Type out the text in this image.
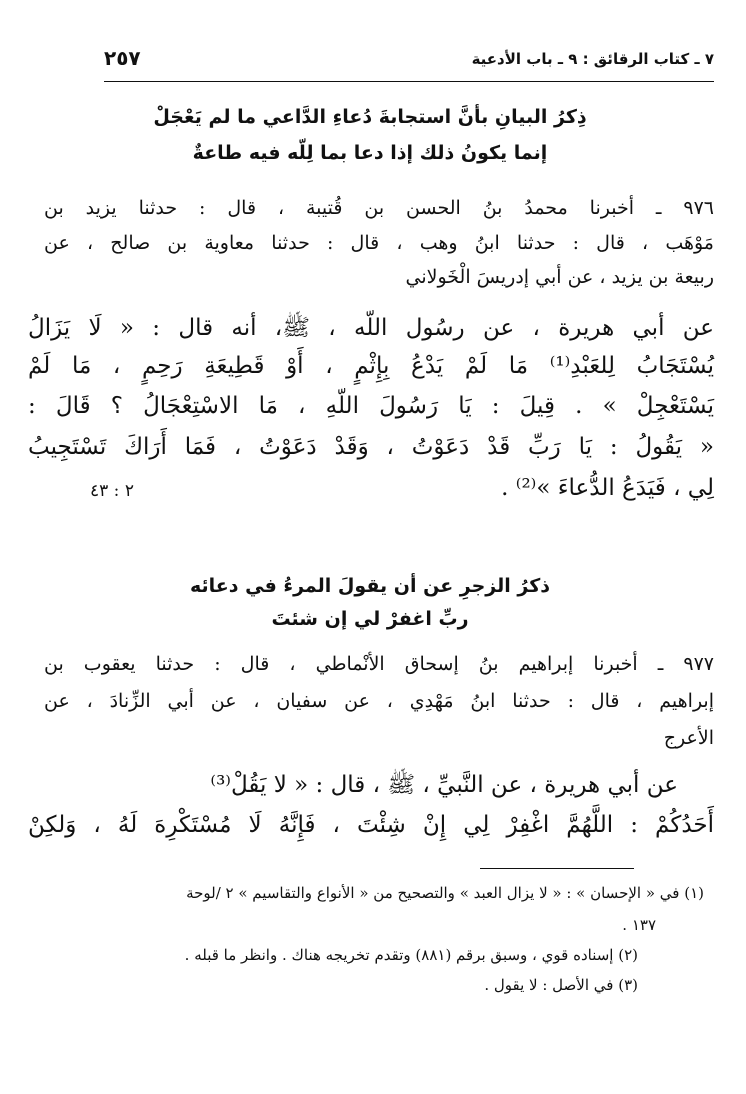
٧ ـ كتاب الرقائق : ٩ ـ باب الأدعية
٢٥٧
ذِكرُ البيانِ بأنَّ استجابةَ دُعاءِ الدَّاعي ما لم يَعْجَلْ
إنما يكونُ ذلك إذا دعا بما لِلّه فيه طاعةٌ
٩٧٦ ـ أخبرنا محمدُ بنُ الحسن بن قُتيبة ، قال : حدثنا يزيد بن
مَوْهَب ، قال : حدثنا ابنُ وهب ، قال : حدثنا معاوية بن صالح ، عن
ربيعة بن يزيد ، عن أبي إدريسَ الْخَولاني
عن أبي هريرة ، عن رسُول اللّه ، ﷺ، أنه قال : « لَا يَزَالُ
يُسْتَجَابُ لِلعَبْدِ⁽¹⁾ مَا لَمْ يَدْعُ بِإِثْمٍ ، أَوْ قَطِيعَةِ رَحِمٍ ، مَا لَمْ
يَسْتَعْجِلْ » . قِيلَ : يَا رَسُولَ اللّهِ ، مَا الاسْتِعْجَالُ ؟ قَالَ :
« يَقُولُ : يَا رَبِّ قَدْ دَعَوْتُ ، وَقَدْ دَعَوْتُ ، فَمَا أَرَاكَ تَسْتَجِيبُ
لِي ، فَيَدَعُ الدُّعاءَ »⁽²⁾ .
٢ : ٤٣
ذكرُ الزجرِ عن أن يقولَ المرءُ في دعائه
ربِّ اغفرْ لي إن شئتَ
٩٧٧ ـ أخبرنا إبراهيم بنُ إسحاق الأنْماطي ، قال : حدثنا يعقوب بن
إبراهيم ، قال : حدثنا ابنُ مَهْدِي ، عن سفيان ، عن أبي الزِّنادَ ، عن
الأعرج
عن أبي هريرة ، عن النَّبيِّ ، ﷺ ، قال : « لا يَقُلْ⁽³⁾
أَحَدُكُمْ : اللَّهُمَّ اغْفِرْ لِي إِنْ شِئْتَ ، فَإِنَّهُ لَا مُسْتَكْرِهَ لَهُ ، وَلكِنْ
(١) في « الإحسان » : « لا يزال العبد » والتصحيح من « الأنواع والتقاسيم » ٢ /لوحة
١٣٧ .
(٢) إسناده قوي ، وسبق برقم (٨٨١) وتقدم تخريجه هناك . وانظر ما قبله .
(٣) في الأصل : لا يقول .
